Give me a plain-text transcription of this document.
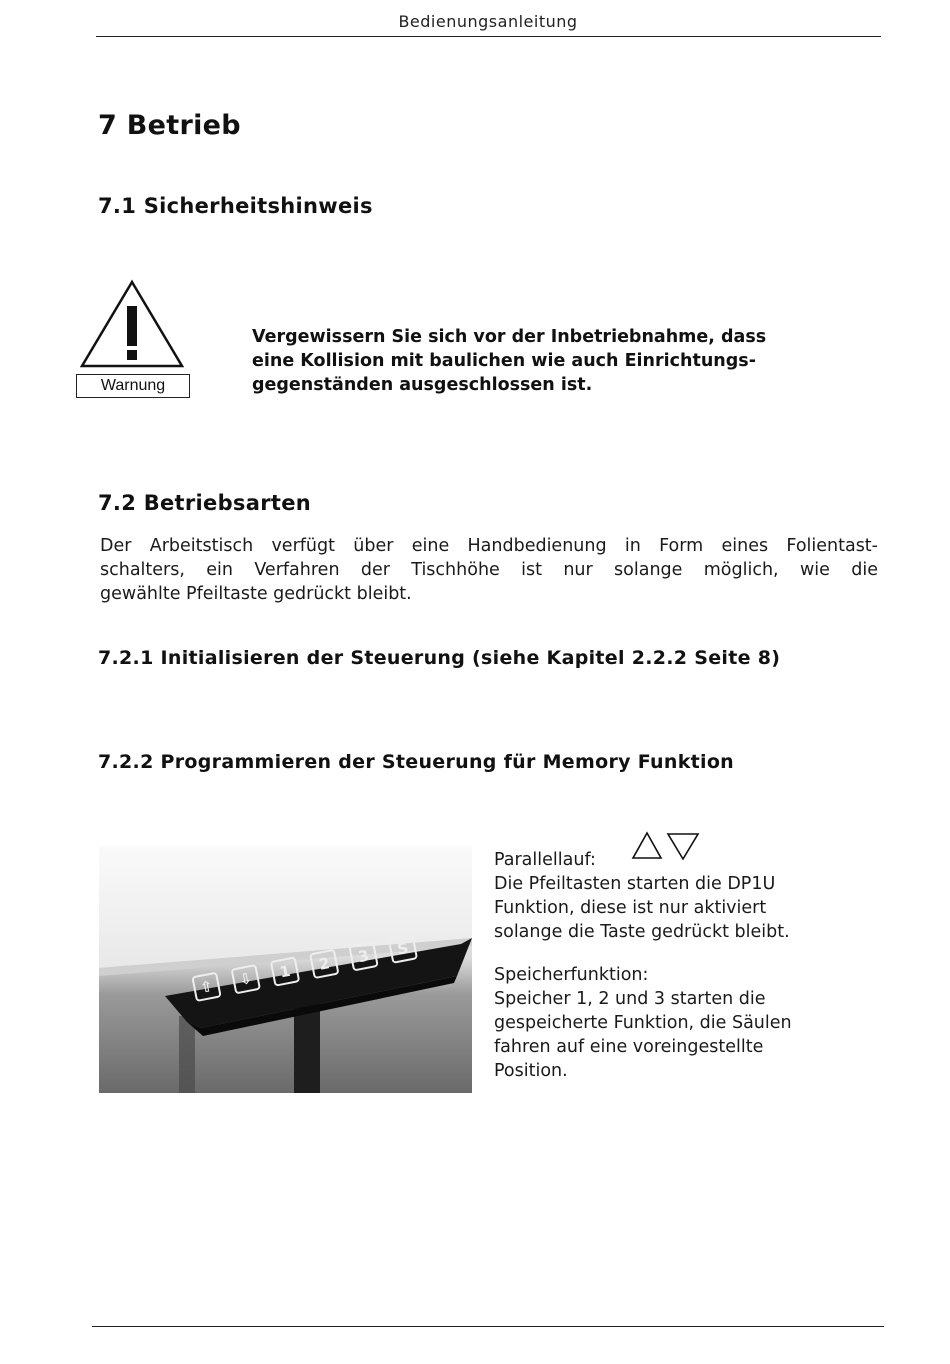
Bedienungsanleitung
7 Betrieb
7.1 Sicherheitshinweis
Warnung

Vergewissern Sie sich vor der Inbetriebnahme, dass
eine Kollision mit baulichen wie auch Einrichtungs-
gegenständen ausgeschlossen ist.

7.2 Betriebsarten

Der Arbeitstisch verfügt über eine Handbedienung in Form eines Folientast-
schalters, ein Verfahren der Tischhöhe ist nur solange möglich, wie die
gewählte Pfeiltaste gedrückt bleibt.

7.2.1 Initialisieren der Steuerung (siehe Kapitel 2.2.2 Seite 8)
7.2.2 Programmieren der Steuerung für Memory Funktion
⇧	⇩	1	2	3	S

Parallellauf:
Die Pfeiltasten starten die DP1U
Funktion, diese ist nur aktiviert
solange die Taste gedrückt bleibt.

Speicherfunktion:
Speicher 1, 2 und 3 starten die
gespeicherte Funktion, die Säulen
fahren auf eine voreingestellte
Position.
